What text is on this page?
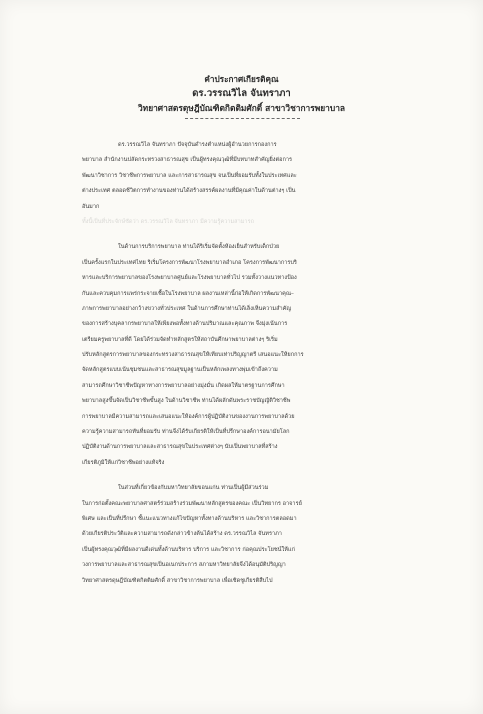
คำประกาศเกียรติคุณ

ดร.วรรณวิไล จันทราภา

วิทยาศาสตรดุษฎีบัณฑิตกิตติมศักดิ์ สาขาวิชาการพยาบาล

ดร.วรรณวิไล จันทราภา ปัจจุบันดำรงตำแหน่งผู้อำนวยการกองการ
พยาบาล สำนักงานปลัดกระทรวงสาธารณสุข เป็นผู้ทรงคุณวุฒิที่มีบทบาทสำคัญยิ่งต่อการ
พัฒนาวิชาการ วิชาชีพการพยาบาล และการสาธารณสุข จนเป็นที่ยอมรับทั้งในประเทศและ
ต่างประเทศ ตลอดชีวิตการทำงานของท่านได้สร้างสรรค์ผลงานที่มีคุณค่าในด้านต่างๆ เป็น
อันมาก
ทั้งนี้เป็นที่ประจักษ์ชัดว่า ดร.วรรณวิไล จันทราภา มีความรู้ความสามารถ
ในด้านการบริการพยาบาล ท่านได้ริเริ่มจัดตั้งห้องเย็นสำหรับเด็กป่วย
เป็นครั้งแรกในประเทศไทย ริเริ่มโครงการพัฒนาโรงพยาบาลอำเภอ โครงการพัฒนาการบริ
หารและบริการพยาบาลของโรงพยาบาลศูนย์และโรงพยาบาลทั่วไป รวมทั้งวางแนวทางป้อง
กันและควบคุมการแพร่กระจายเชื้อในโรงพยาบาล ผลงานเหล่านี้ก่อให้เกิดการพัฒนาคุณ–
ภาพการพยาบาลอย่างกว้างขวางทั่วประเทศ ในด้านการศึกษาท่านได้เล็งเห็นความสำคัญ
ของการสร้างบุคลากรพยาบาลให้เพียงพอทั้งทางด้านปริมาณและคุณภาพ จึงมุ่งเน้นการ
เตรียมครูพยาบาลที่ดี โดยได้ร่วมจัดทำหลักสูตรให้สถาบันศึกษาพยาบาลต่างๆ ริเริ่ม
ปรับหลักสูตรการพยาบาลของกระทรวงสาธารณสุขให้เทียบเท่าปริญญาตรี เสนอแนะให้ยกการ
จัดหลักสูตรแบบเน้นชุมชนและสาธารณสุขมูลฐานเป็นหลักเพลงทางพุ่มเข้าถึงความ
สามารถศึกษาวิชาชีพปัญหาทางการพยาบาลอย่างมุ่งมั่น เกิดผลให้มาตรฐานการศึกษา
พยาบาลสูงขึ้นจัดเป็นวิชาชีพขั้นสูง ในด้านวิชาชีพ ท่านได้ผลักดันพระราชบัญญัติวิชาชีพ
การพยาบาลมีความสามารถและเสนอแนะให้องค์การผู้ปฏิบัติงานของงานการพยาบาลด้วย
ความรู้ความสามารถทันที่ยอมรับ ท่านจึงได้รับเกียรติให้เป็นที่ปรึกษาองค์การอนามัยโลก
ปฏิบัติงานด้านการพยาบาลและสาธารณสุขในประเทศต่างๆ นับเป็นพยาบาลที่สร้าง
เกียรติภูมิให้แก่วิชาชีพอย่างแท้จริง
ในส่วนที่เกี่ยวข้องกับมหาวิทยาลัยขอนแก่น ท่านเป็นผู้มีส่วนร่วม
ในการก่อตั้งคณะพยาบาลศาสตร์ร่วมสร้างร่วมพัฒนาหลักสูตรของคณะ เป็นวิทยากร อาจารย์
พิเศษ และเป็นที่ปรึกษา ชี้แนะแนวทางแก้ไขปัญหาทั้งทางด้านบริหาร และวิชาการตลอดมา
ด้วยเกียรติประวัติและความสามารถดังกล่าวข้างต้นได้สร้าง ดร.วรรณวิไล จันทราภา
เป็นผู้ทรงคุณวุฒิที่มีผลงานดีเด่นทั้งด้านบริหาร บริการ และวิชาการ ก่อคุณประโยชน์ให้แก่
วงการพยาบาลและสาธารณสุขเป็นอเนกประการ สภามหาวิทยาลัยจึงได้อนุมัติปริญญา
วิทยาศาสตรดุษฎีบัณฑิตกิตติมศักดิ์ สาขาวิชาการพยาบาล เพื่อเชิดชูเกียรติสืบไป
